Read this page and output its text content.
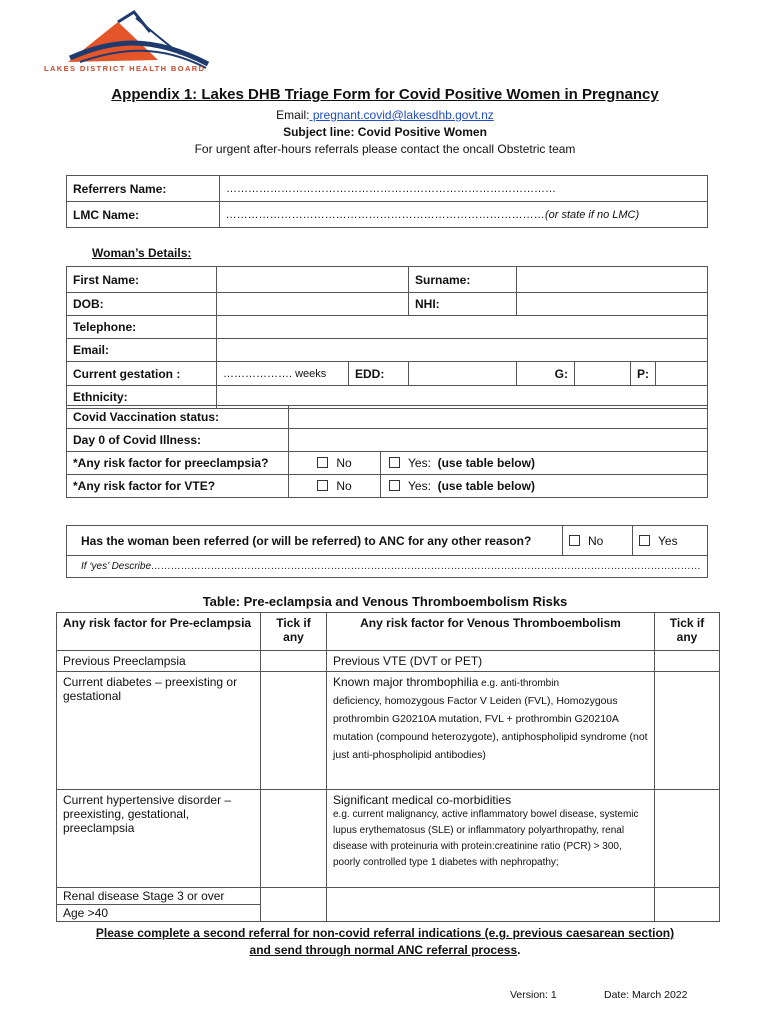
LAKES DISTRICT HEALTH BOARD
Appendix 1: Lakes DHB Triage Form for Covid Positive Women in Pregnancy
Email: pregnant.covid@lakesdhb.govt.nz
Subject line: Covid Positive Women
For urgent after-hours referrals please contact the oncall Obstetric team
Referrers Name:	………………………………………………………………………………
LMC Name:	……………………………………………………………………………(or state if no LMC)
Woman’s Details:
First Name:			Surname:				
DOB:			NHI:				
Telephone:							
Email:							
Current gestation :	………………. weeks	EDD:		G:		P:	
Ethnicity:							
Covid Vaccination status:		
Day 0 of Covid Illness:		
*Any risk factor for preeclampsia?	No	Yes: (use table below)
*Any risk factor for VTE?	No	Yes: (use table below)
Has the woman been referred (or will be referred) to ANC for any other reason?	No	Yes
If ‘yes’ Describe…………………………………………………………………………………………………………………………………………………
Table: Pre-eclampsia and Venous Thromboembolism Risks
Any risk factor for Pre-eclampsia	Tick if any	Any risk factor for Venous Thromboembolism	Tick if any
Previous Preeclampsia		Previous VTE (DVT or PET)	
Current diabetes – preexisting or gestational		Known major thrombophilia e.g. anti-thrombin
deficiency, homozygous Factor V Leiden (FVL), Homozygous prothrombin G20210A mutation, FVL + prothrombin G20210A mutation (compound heterozygote), antiphospholipid syndrome (not just anti-phospholipid antibodies)	

Current hypertensive disorder – preexisting, gestational, preeclampsia		Significant medical co-morbidities
e.g. current malignancy, active inflammatory bowel disease, systemic lupus erythematosus (SLE) or inflammatory polyarthropathy, renal disease with proteinuria with protein:creatinine ratio (PCR) > 300, poorly controlled type 1 diabetes with nephropathy;	

Renal disease Stage 3 or over			
Age >40			
Please complete a second referral for non-covid referral indications (e.g. previous caesarean section)
and send through normal ANC referral process.
Version: 1	Date: March 2022
